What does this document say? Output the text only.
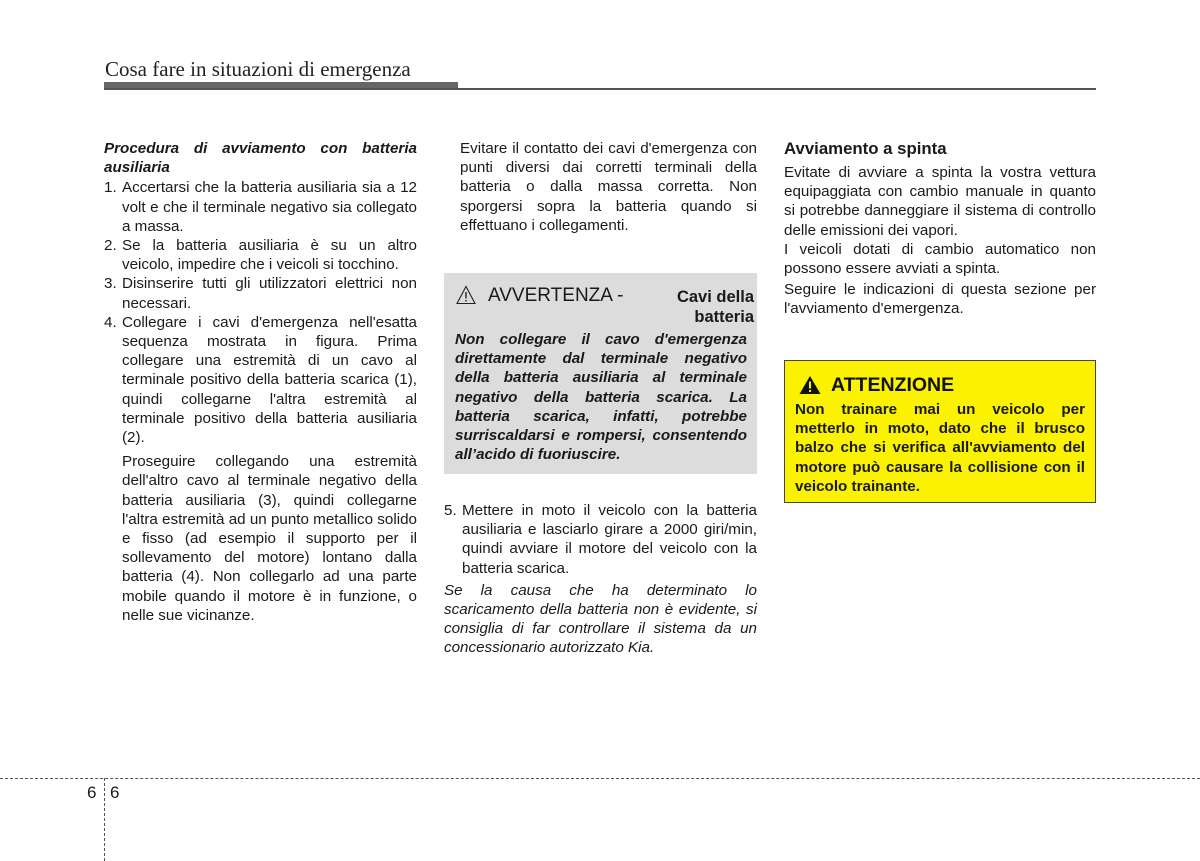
Cosa fare in situazioni di emergenza

Procedura di avviamento con batteria ausiliaria

1. Accertarsi che la batteria ausiliaria sia a 12 volt e che il terminale negativo sia collegato a massa.
2. Se la batteria ausiliaria è su un altro veicolo, impedire che i veicoli si tocchino.
3. Disinserire tutti gli utilizzatori elettrici non necessari.
4. Collegare i cavi d'emergenza nell'esatta sequenza mostrata in figura. Prima collegare una estremità di un cavo al terminale positivo della batteria scarica (1), quindi collegarne l'altra estremità al terminale positivo della batteria ausiliaria (2).

Proseguire collegando una estremità dell'altro cavo al terminale negativo della batteria ausiliaria (3), quindi collegarne l'altra estremità ad un punto metallico solido e fisso (ad esempio il supporto per il sollevamento del motore) lontano dalla batteria (4). Non collegarlo ad una parte mobile quando il motore è in funzione, o nelle sue vicinanze.

Evitare il contatto dei cavi d'emergenza con punti diversi dai corretti terminali della batteria o dalla massa corretta. Non sporgersi sopra la batteria quando si effettuano i collegamenti.

AVVERTENZA -	Cavi della
batteria
Non collegare il cavo d'emergenza direttamente dal terminale negativo della batteria ausiliaria al terminale negativo della batteria scarica. La batteria scarica, infatti, potrebbe surriscaldarsi e rompersi, consentendo all’acido di fuoriuscire.
5. Mettere in moto il veicolo con la batteria ausiliaria e lasciarlo girare a 2000 giri/min, quindi avviare il motore del veicolo con la batteria scarica.

Se la causa che ha determinato lo scaricamento della batteria non è evidente, si consiglia di far controllare il sistema da un concessionario autorizzato Kia.

Avviamento a spinta

Evitate di avviare a spinta la vostra vettura equipaggiata con cambio manuale in quanto si potrebbe danneggiare il sistema di controllo delle emissioni dei vapori.

I veicoli dotati di cambio automatico non possono essere avviati a spinta.

Seguire le indicazioni di questa sezione per l'avviamento d'emergenza.

ATTENZIONE
Non trainare mai un veicolo per metterlo in moto, dato che il brusco balzo che si verifica all'avviamento del motore può causare la collisione con il veicolo trainante.
6 6
